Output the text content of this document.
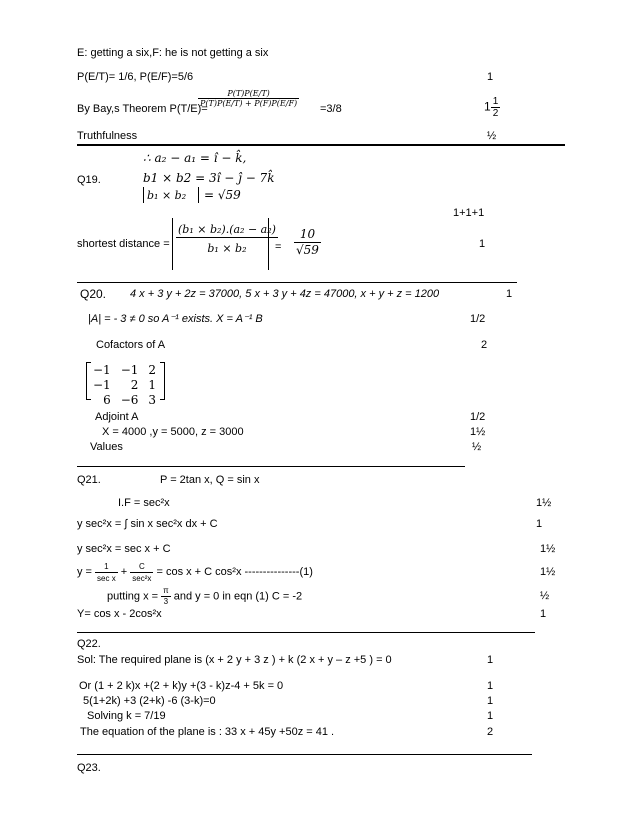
E: getting a six,F: he is not getting a six
P(E/T)= 1/6, P(E/F)=5/6	1
By Bay,s Theorem P(T/E)=
$\frac{P(T)P(E/T)}{P(T)P(E/T) + P(F)P(E/F)}$
=3/8	$1 \frac{1}{2}$
Truthfulness	½
∴ a₂ − a₁ = î − k̂,
Q19.	b1 × b2 = 3î − ĵ − 7k̂
b₁ × b₂ = √59
1+1+1
shortest distance = $\frac{\text{(b₁ × b₂).(a₂ − a₂)}}{\text{b₁ × b₂}}$
= $\frac{10}{√59}$	1
Q20. 4 x + 3 y + 2z = 37000, 5 x + 3 y + 4z = 47000, x + y + z = 1200	1
|A| = - 3 ≠ 0 so A⁻¹ exists. X = A⁻¹ B	1/2
Cofactors of A	2
−1	−1	2
−1	2	1
6	−6	3
Adjoint A	1/2
X = 4000 ,y = 5000, z = 3000	1½
Values	½
Q21.	P = 2tan x, Q = sin x
I.F = sec²x	1½
y sec²x = ∫ sin x sec²x dx + C	1
y sec²x = sec x + C	1½
$y = \frac{1}{\text{sec x}} + \frac{C}{\text{sec²x}} = \cos x + C$ cos²x ---------------(1)	1½
putting $x = \frac{\pi}{3}$ and y = 0 in eqn (1) C = -2	½
Y= cos x - 2cos²x	1
Q22.
Sol: The required plane is (x + 2 y + 3 z ) + k (2 x + y – z +5 ) = 0	1
Or (1 + 2 k)x +(2 + k)y +(3 - k)z-4 + 5k = 0	1
5(1+2k) +3 (2+k) -6 (3-k)=0	1
Solving k = 7/19	1
The equation of the plane is : 33 x + 45y +50z = 41 .	2
Q23.
